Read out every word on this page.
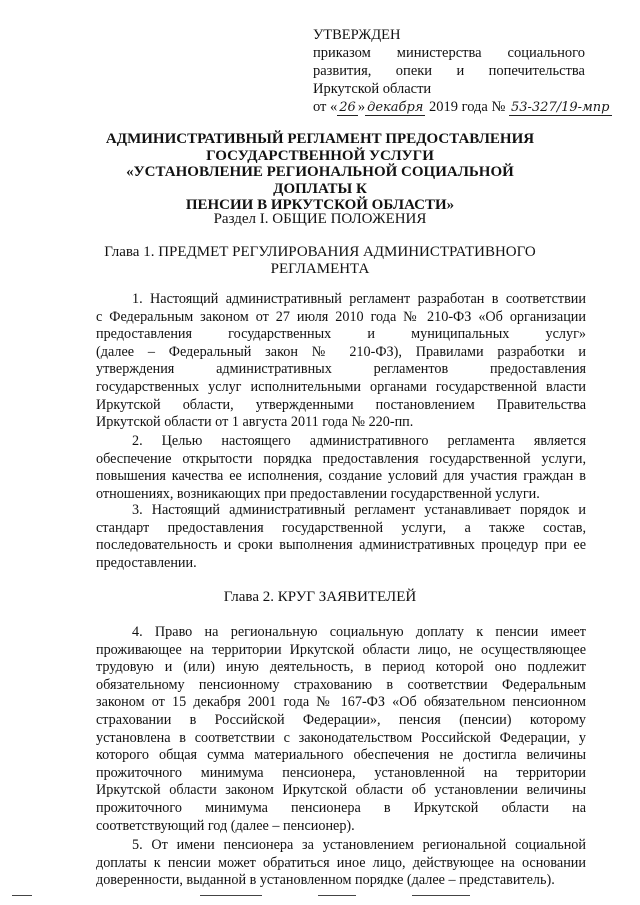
УТВЕРЖДЕН
приказом министерства социального
развития, опеки и попечительства
Иркутской области
от « 26 » декабря 2019 года № 53-327/19-мпр
АДМИНИСТРАТИВНЫЙ РЕГЛАМЕНТ ПРЕДОСТАВЛЕНИЯ
ГОСУДАРСТВЕННОЙ УСЛУГИ
«УСТАНОВЛЕНИЕ РЕГИОНАЛЬНОЙ СОЦИАЛЬНОЙ ДОПЛАТЫ К
ПЕНСИИ В ИРКУТСКОЙ ОБЛАСТИ»
Раздел I. ОБЩИЕ ПОЛОЖЕНИЯ
Глава 1. ПРЕДМЕТ РЕГУЛИРОВАНИЯ АДМИНИСТРАТИВНОГО
РЕГЛАМЕНТА
1. Настоящий административный регламент разработан в соответствии
с Федеральным законом от 27 июля 2010 года № 210-ФЗ «Об организации
предоставления государственных и муниципальных услуг»
(далее – Федеральный закон № 210-ФЗ), Правилами разработки и
утверждения административных регламентов предоставления
государственных услуг исполнительными органами государственной власти
Иркутской области, утвержденными постановлением Правительства
Иркутской области от 1 августа 2011 года № 220-пп.
2. Целью настоящего административного регламента является
обеспечение открытости порядка предоставления государственной услуги,
повышения качества ее исполнения, создание условий для участия граждан в
отношениях, возникающих при предоставлении государственной услуги.
3. Настоящий административный регламент устанавливает порядок и
стандарт предоставления государственной услуги, а также состав,
последовательность и сроки выполнения административных процедур при ее
предоставлении.
Глава 2. КРУГ ЗАЯВИТЕЛЕЙ
4. Право на региональную социальную доплату к пенсии имеет
проживающее на территории Иркутской области лицо, не осуществляющее
трудовую и (или) иную деятельность, в период которой оно подлежит
обязательному пенсионному страхованию в соответствии Федеральным
законом от 15 декабря 2001 года № 167-ФЗ «Об обязательном пенсионном
страховании в Российской Федерации», пенсия (пенсии) которому
установлена в соответствии с законодательством Российской Федерации, у
которого общая сумма материального обеспечения не достигла величины
прожиточного минимума пенсионера, установленной на территории
Иркутской области законом Иркутской области об установлении величины
прожиточного минимума пенсионера в Иркутской области на
соответствующий год (далее – пенсионер).
5. От имени пенсионера за установлением региональной социальной
доплаты к пенсии может обратиться иное лицо, действующее на основании
доверенности, выданной в установленном порядке (далее – представитель).
